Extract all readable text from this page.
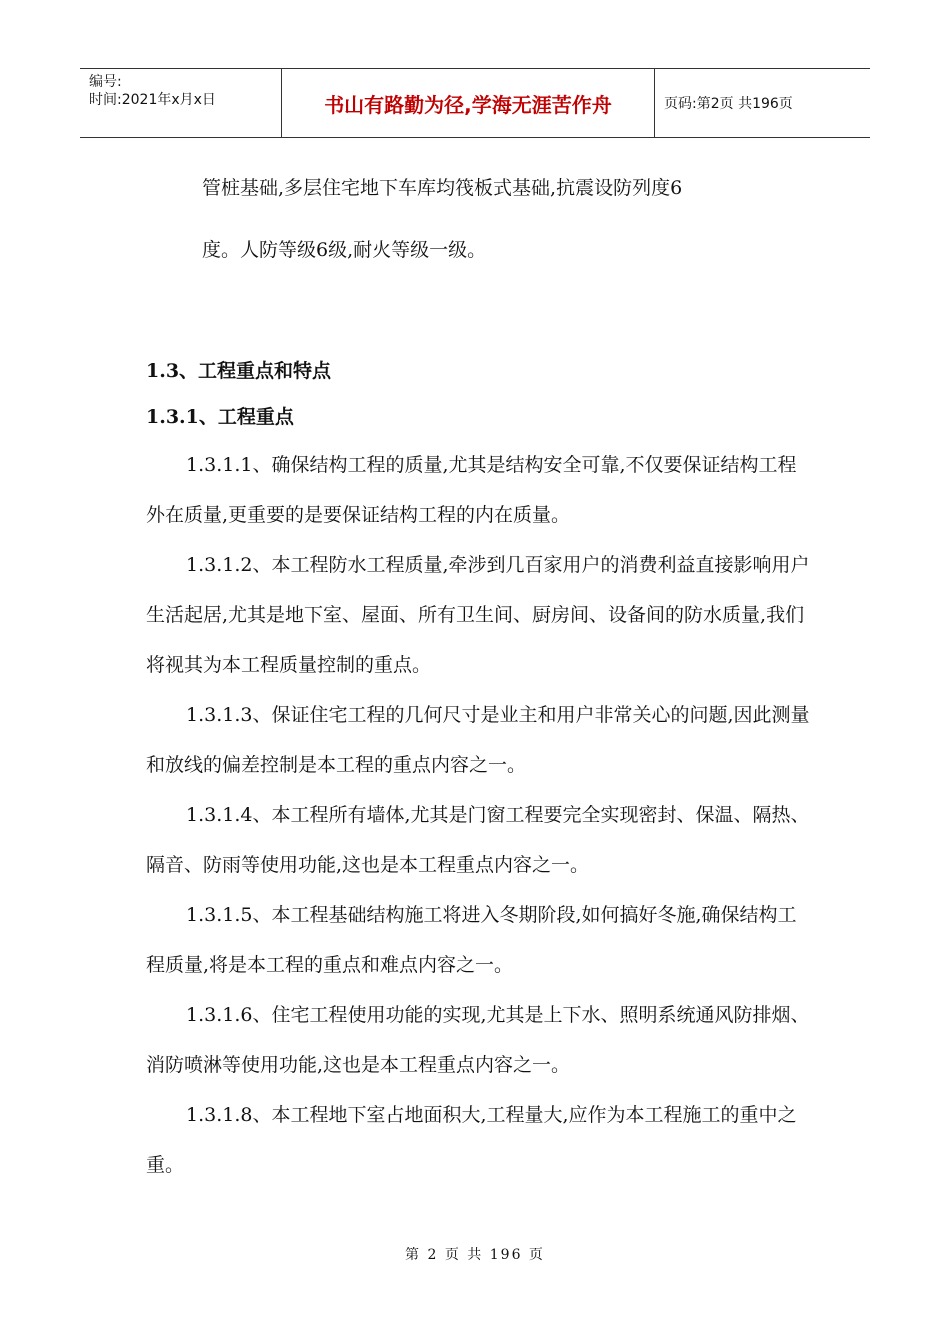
编号:
时间:2021年x月x日	书山有路勤为径,学海无涯苦作舟	页码:第2页 共196页

管桩基础,多层住宅地下车库均筏板式基础,抗震设防列度6

度。人防等级6级,耐火等级一级。

1.3、工程重点和特点
1.3.1、工程重点

1.3.1.1、确保结构工程的质量,尤其是结构安全可靠,不仅要保证结构工程外在质量,更重要的是要保证结构工程的内在质量。

1.3.1.2、本工程防水工程质量,牵涉到几百家用户的消费利益直接影响用户生活起居,尤其是地下室、屋面、所有卫生间、厨房间、设备间的防水质量,我们将视其为本工程质量控制的重点。

1.3.1.3、保证住宅工程的几何尺寸是业主和用户非常关心的问题,因此测量和放线的偏差控制是本工程的重点内容之一。

1.3.1.4、本工程所有墙体,尤其是门窗工程要完全实现密封、保温、隔热、隔音、防雨等使用功能,这也是本工程重点内容之一。

1.3.1.5、本工程基础结构施工将进入冬期阶段,如何搞好冬施,确保结构工程质量,将是本工程的重点和难点内容之一。

1.3.1.6、住宅工程使用功能的实现,尤其是上下水、照明系统通风防排烟、消防喷淋等使用功能,这也是本工程重点内容之一。

1.3.1.8、本工程地下室占地面积大,工程量大,应作为本工程施工的重中之重。

第 2 页 共 196 页
